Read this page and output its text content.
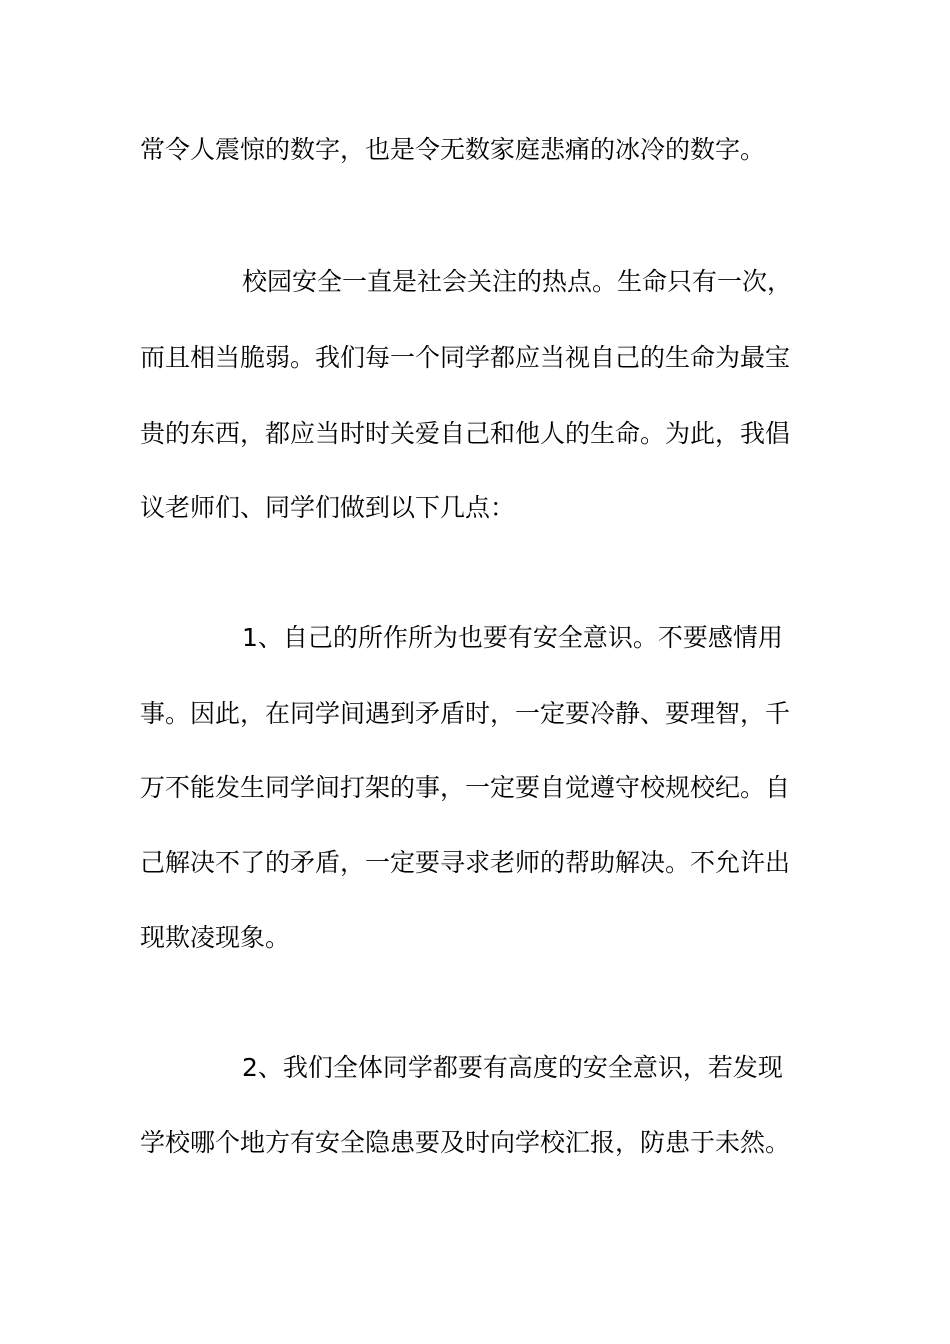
常令人震惊的数字，也是令无数家庭悲痛的冰冷的数字。
校园安全一直是社会关注的热点。生命只有一次，
而且相当脆弱。我们每一个同学都应当视自己的生命为最宝
贵的东西，都应当时时关爱自己和他人的生命。为此，我倡
议老师们、同学们做到以下几点：
1、自己的所作所为也要有安全意识。不要感情用
事。因此，在同学间遇到矛盾时，一定要冷静、要理智，千
万不能发生同学间打架的事，一定要自觉遵守校规校纪。自
己解决不了的矛盾，一定要寻求老师的帮助解决。不允许出
现欺凌现象。
2、我们全体同学都要有高度的安全意识，若发现
学校哪个地方有安全隐患要及时向学校汇报，防患于未然。
